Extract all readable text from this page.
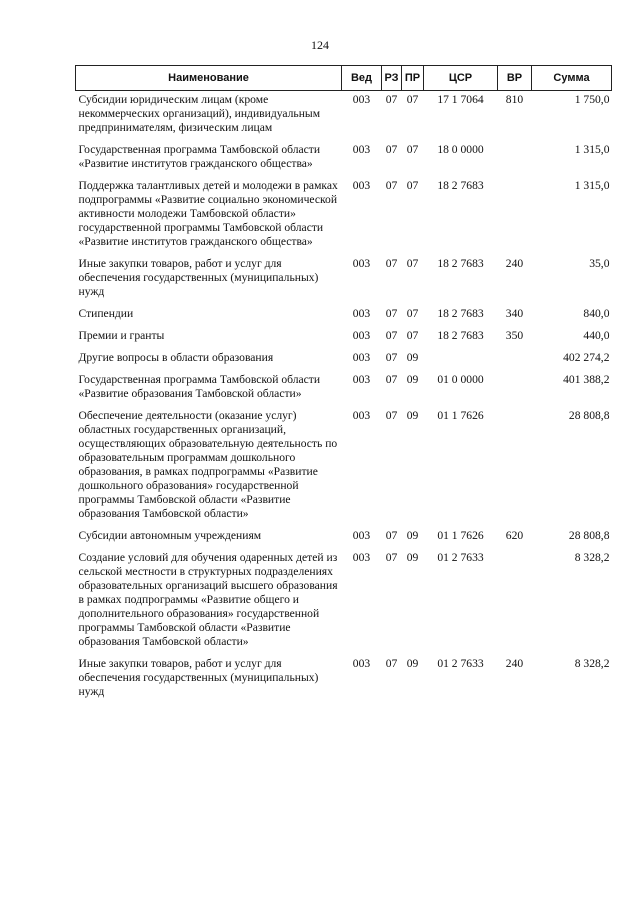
124
Наименование	Вед	РЗ	ПР	ЦСР	ВР	Сумма
Субсидии юридическим лицам (кроме некоммерческих организаций), индивидуальным предпринимателям, физическим лицам	003	07	07	17 1 7064	810	1 750,0
Государственная программа Тамбовской области «Развитие институтов гражданского общества»	003	07	07	18 0 0000		1 315,0
Поддержка талантливых детей и молодежи в рамках подпрограммы «Развитие социально экономической активности молодежи Тамбовской области» государственной программы Тамбовской области «Развитие институтов гражданского общества»	003	07	07	18 2 7683		1 315,0
Иные закупки товаров, работ и услуг для обеспечения государственных (муниципальных) нужд	003	07	07	18 2 7683	240	35,0
Стипендии	003	07	07	18 2 7683	340	840,0
Премии и гранты	003	07	07	18 2 7683	350	440,0
Другие вопросы в области образования	003	07	09			402 274,2
Государственная программа Тамбовской области «Развитие образования Тамбовской области»	003	07	09	01 0 0000		401 388,2
Обеспечение деятельности (оказание услуг) областных государственных организаций, осуществляющих образовательную деятельность по образовательным программам дошкольного образования, в рамках подпрограммы «Развитие дошкольного образования» государственной программы Тамбовской области «Развитие образования Тамбовской области»	003	07	09	01 1 7626		28 808,8
Субсидии автономным учреждениям	003	07	09	01 1 7626	620	28 808,8
Создание условий для обучения одаренных детей из сельской местности в структурных подразделениях образовательных организаций высшего образования в рамках подпрограммы «Развитие общего и дополнительного образования» государственной программы Тамбовской области «Развитие образования Тамбовской области»	003	07	09	01 2 7633		8 328,2
Иные закупки товаров, работ и услуг для обеспечения государственных (муниципальных) нужд	003	07	09	01 2 7633	240	8 328,2
